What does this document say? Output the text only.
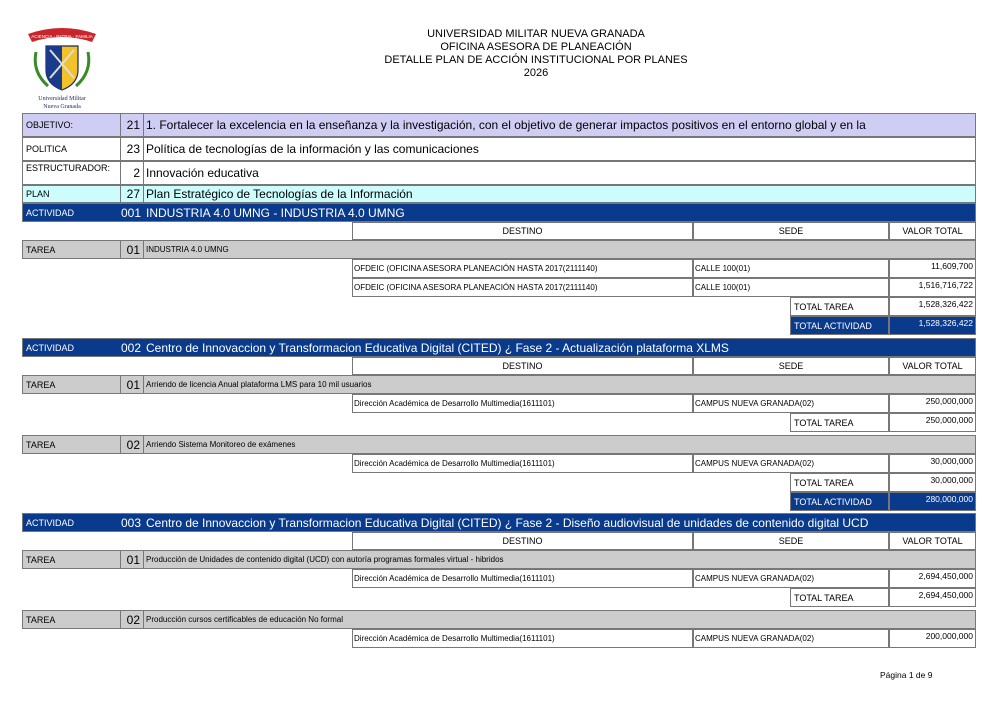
ACIENCIA · PATRIA · FAMILIA
Universidad Militar
Nueva Granada
UNIVERSIDAD MILITAR NUEVA GRANADA
OFICINA ASESORA DE PLANEACIÓN
DETALLE PLAN DE ACCIÓN INSTITUCIONAL POR PLANES
2026
OBJETIVO:	21 1. Fortalecer la excelencia en la enseñanza y la investigación, con el objetivo de generar impactos positivos en el entorno global y en la
POLITICA	23 Política de tecnologías de la información y las comunicaciones
ESTRUCTURADOR:	2 Innovación educativa
PLAN	27 Plan Estratégico de Tecnologías de la Información
ACTIVIDAD	001 INDUSTRIA 4.0 UMNG - INDUSTRIA 4.0 UMNG
DESTINO	SEDE	VALOR TOTAL
TAREA	01 INDUSTRIA 4.0 UMNG
OFDEIC (OFICINA ASESORA PLANEACIÓN HASTA 2017(2111140)	CALLE 100(01)	11,609,700
OFDEIC (OFICINA ASESORA PLANEACIÓN HASTA 2017(2111140)	CALLE 100(01)	1,516,716,722
TOTAL TAREA	1,528,326,422
TOTAL ACTIVIDAD	1,528,326,422
ACTIVIDAD	002 Centro de Innovaccion y Transformacion Educativa Digital (CITED) ¿ Fase 2 - Actualización plataforma XLMS
DESTINO	SEDE	VALOR TOTAL
TAREA	01 Arriendo de licencia Anual plataforma LMS para 10 mil usuarios
Dirección Académica de Desarrollo Multimedia(1611101)	CAMPUS NUEVA GRANADA(02)	250,000,000
TOTAL TAREA	250,000,000
TAREA	02 Arriendo Sistema Monitoreo de exámenes
Dirección Académica de Desarrollo Multimedia(1611101)	CAMPUS NUEVA GRANADA(02)	30,000,000
TOTAL TAREA	30,000,000
TOTAL ACTIVIDAD	280,000,000
ACTIVIDAD	003 Centro de Innovaccion y Transformacion Educativa Digital (CITED) ¿ Fase 2 - Diseño audiovisual de unidades de contenido digital UCD
DESTINO	SEDE	VALOR TOTAL
TAREA	01 Producción de Unidades de contenido digital (UCD) con autoría programas formales virtual - hibridos
Dirección Académica de Desarrollo Multimedia(1611101)	CAMPUS NUEVA GRANADA(02)	2,694,450,000
TOTAL TAREA	2,694,450,000
TAREA	02 Producción cursos certificables de educación No formal
Dirección Académica de Desarrollo Multimedia(1611101)	CAMPUS NUEVA GRANADA(02)	200,000,000
Página 1 de 9
